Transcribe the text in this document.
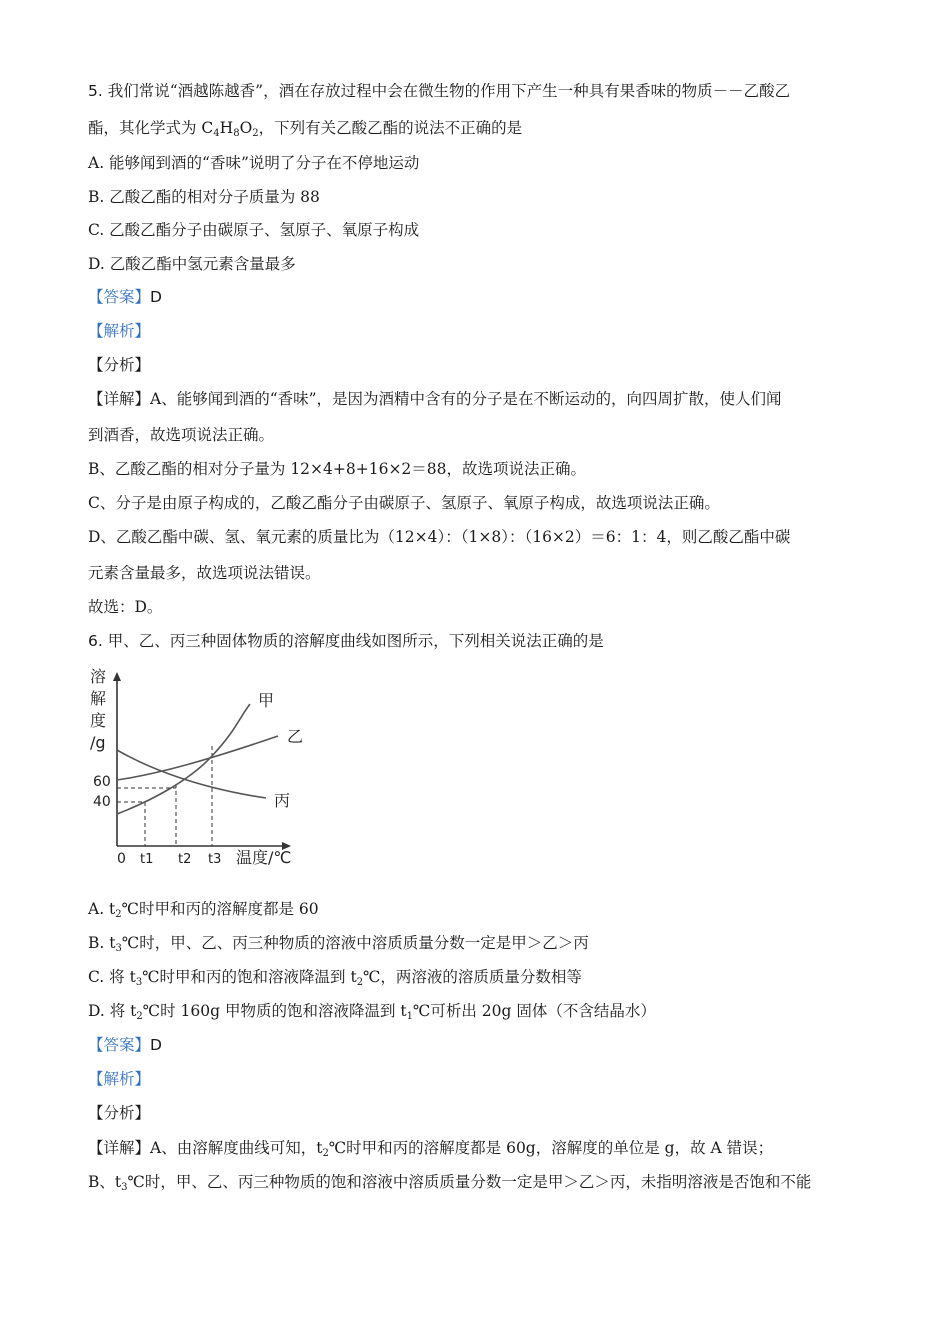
5. 我们常说“酒越陈越香”，酒在存放过程中会在微生物的作用下产生一种具有果香味的物质－－乙酸乙
酯，其化学式为 $C_4H_8O_2$，下列有关乙酸乙酯的说法不正确的是
A. 能够闻到酒的“香味”说明了分子在不停地运动
B. 乙酸乙酯的相对分子质量为 88
C. 乙酸乙酯分子由碳原子、氢原子、氧原子构成
D. 乙酸乙酯中氢元素含量最多
【答案】D
【解析】
【分析】
【详解】A、能够闻到酒的“香味”，是因为酒精中含有的分子是在不断运动的，向四周扩散，使人们闻
到酒香，故选项说法正确。
B、乙酸乙酯的相对分子量为 12×4+8+16×2＝88，故选项说法正确。
C、分子是由原子构成的，乙酸乙酯分子由碳原子、氢原子、氧原子构成，故选项说法正确。
D、乙酸乙酯中碳、氢、氧元素的质量比为（12×4）：（1×8）：（16×2）＝6：1：4，则乙酸乙酯中碳
元素含量最多，故选项说法错误。
故选：D。
6. 甲、乙、丙三种固体物质的溶解度曲线如图所示，下列相关说法正确的是
溶
解
度
/g
60
40
0 t1 t2 t3 温度/℃
甲
乙
丙
A. $t_2℃$时甲和丙的溶解度都是 60
B. $t_3℃$时，甲、乙、丙三种物质的溶液中溶质质量分数一定是甲＞乙＞丙
C. 将 $t_3℃$时甲和丙的饱和溶液降温到 $t_2℃$，两溶液的溶质质量分数相等
D. 将 $t_2℃$时 160g 甲物质的饱和溶液降温到 $t_1℃$可析出 20g 固体（不含结晶水）
【答案】D
【解析】
【分析】
【详解】A、由溶解度曲线可知，$t_2℃$时甲和丙的溶解度都是 60g，溶解度的单位是 g，故 A 错误；
B、$t_3℃$时，甲、乙、丙三种物质的饱和溶液中溶质质量分数一定是甲＞乙＞丙，未指明溶液是否饱和不能
